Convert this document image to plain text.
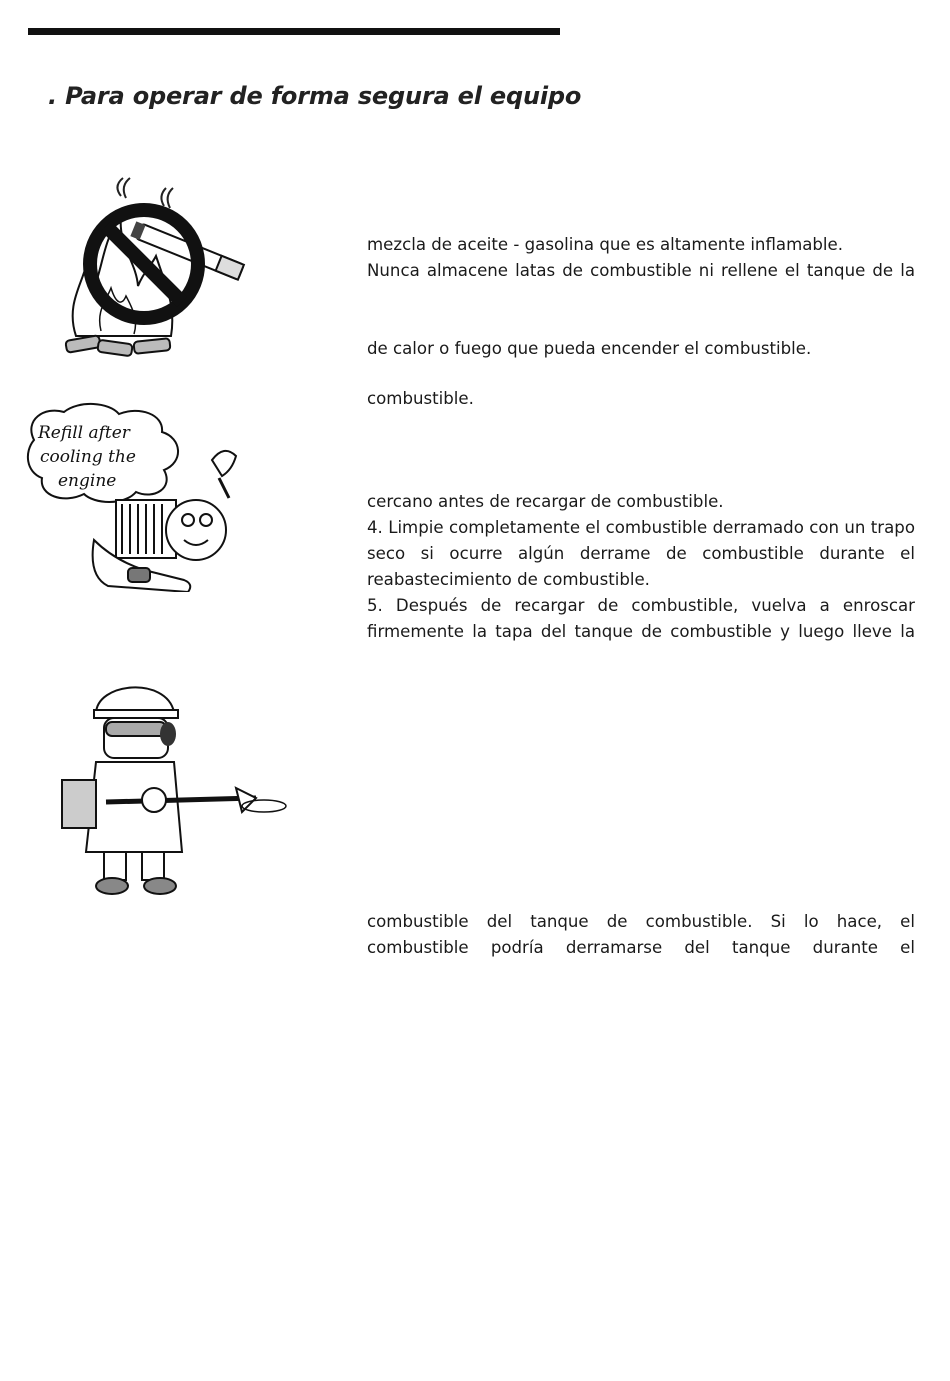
. Para operar de forma segura el equipo
Refill after
cooling the
engine

mezcla de aceite - gasolina que es altamente inflamable.

Nunca almacene latas de combustible ni rellene el tanque de la

de calor o fuego que pueda encender el combustible.

combustible.

cercano antes de recargar de combustible.

4. Limpie completamente el combustible derramado con un trapo seco si ocurre algún derrame de combustible durante el reabastecimiento de combustible.

5. Después de recargar de combustible, vuelva a enroscar firmemente la tapa del tanque de combustible y luego lleve la

combustible del tanque de combustible. Si lo hace, el combustible podría derramarse del tanque durante el
